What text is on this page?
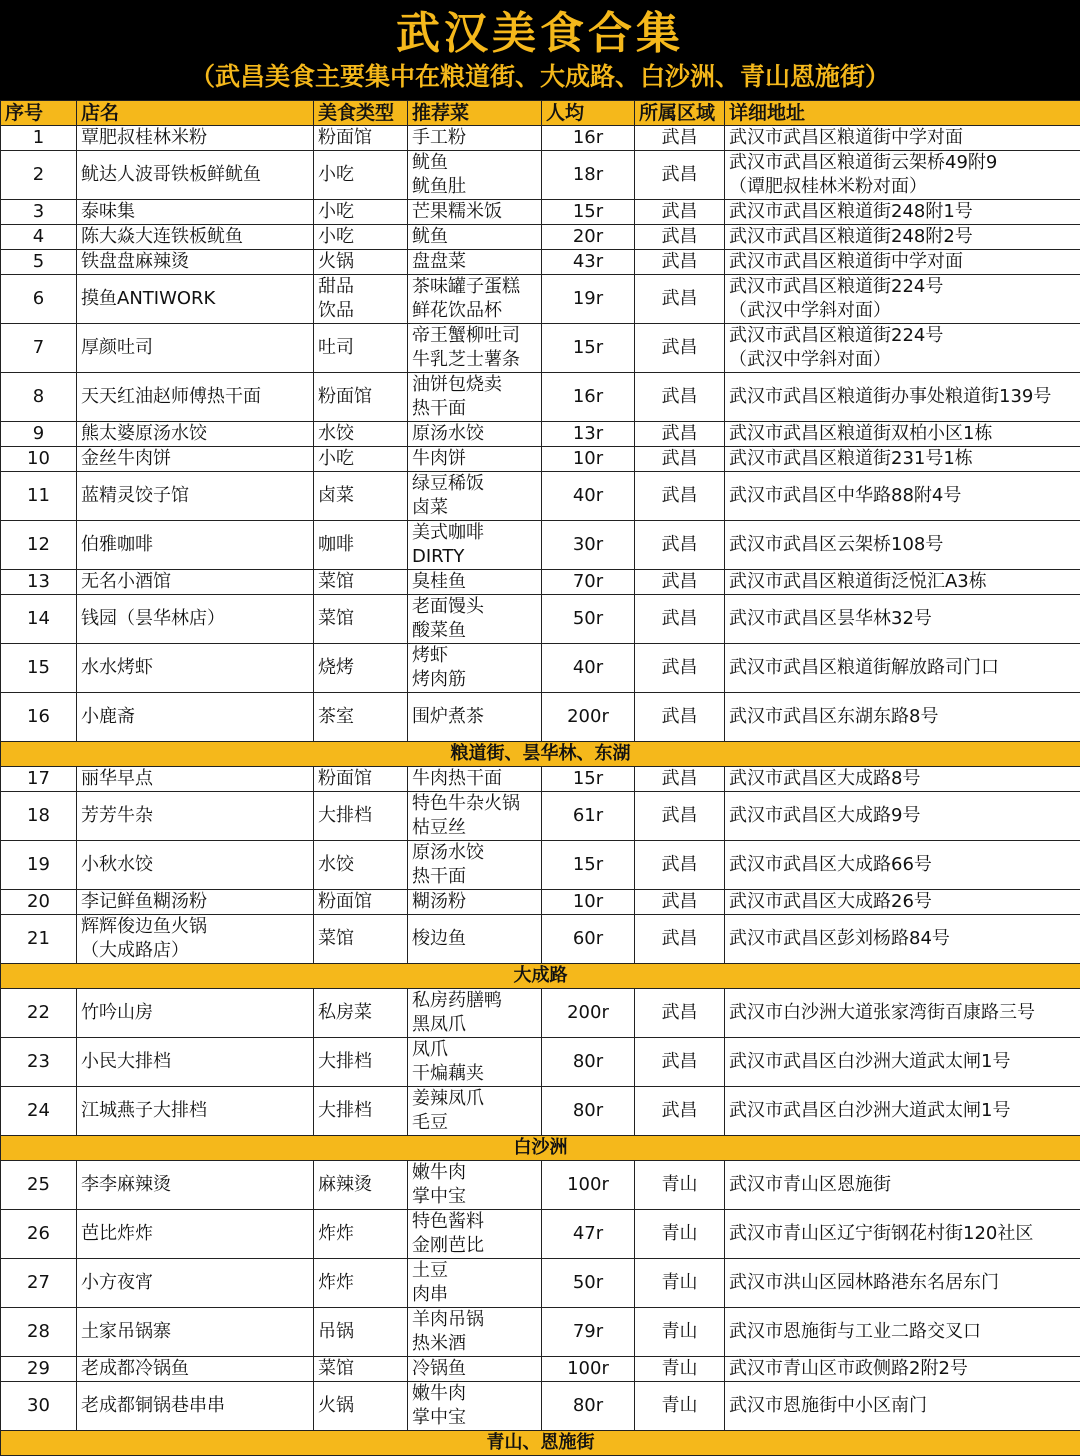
武汉美食合集
（武昌美食主要集中在粮道街、大成路、白沙洲、青山恩施街）
序号	店名	美食类型	推荐菜	人均	所属区域	详细地址

1	覃肥叔桂林米粉	粉面馆	手工粉	16r	武昌	武汉市武昌区粮道街中学对面

2	鱿达人波哥铁板鲜鱿鱼	小吃	鱿鱼
鱿鱼肚	18r	武昌	武汉市武昌区粮道街云架桥49附9
（谭肥叔桂林米粉对面）

3	泰味集	小吃	芒果糯米饭	15r	武昌	武汉市武昌区粮道街248附1号

4	陈大焱大连铁板鱿鱼	小吃	鱿鱼	20r	武昌	武汉市武昌区粮道街248附2号

5	铁盘盘麻辣烫	火锅	盘盘菜	43r	武昌	武汉市武昌区粮道街中学对面

6	摸鱼ANTIWORK	甜品
饮品	茶味罐子蛋糕
鲜花饮品杯	19r	武昌	武汉市武昌区粮道街224号
（武汉中学斜对面）

7	厚颜吐司	吐司	帝王蟹柳吐司
牛乳芝士薯条	15r	武昌	武汉市武昌区粮道街224号
（武汉中学斜对面）

8	天天红油赵师傅热干面	粉面馆	油饼包烧卖
热干面	16r	武昌	武汉市武昌区粮道街办事处粮道街139号

9	熊太婆原汤水饺	水饺	原汤水饺	13r	武昌	武汉市武昌区粮道街双柏小区1栋

10	金丝牛肉饼	小吃	牛肉饼	10r	武昌	武汉市武昌区粮道街231号1栋

11	蓝精灵饺子馆	卤菜	绿豆稀饭
卤菜	40r	武昌	武汉市武昌区中华路88附4号

12	伯雅咖啡	咖啡	美式咖啡
DIRTY	30r	武昌	武汉市武昌区云架桥108号

13	无名小酒馆	菜馆	臭桂鱼	70r	武昌	武汉市武昌区粮道街泛悦汇A3栋

14	钱园（昙华林店）	菜馆	老面馒头
酸菜鱼	50r	武昌	武汉市武昌区昙华林32号

15	水水烤虾	烧烤	烤虾
烤肉筋	40r	武昌	武汉市武昌区粮道街解放路司门口

16	小鹿斋	茶室	围炉煮茶	200r	武昌	武汉市武昌区东湖东路8号

粮道街、昙华林、东湖						

17	丽华早点	粉面馆	牛肉热干面	15r	武昌	武汉市武昌区大成路8号

18	芳芳牛杂	大排档	特色牛杂火锅
枯豆丝	61r	武昌	武汉市武昌区大成路9号

19	小秋水饺	水饺	原汤水饺
热干面	15r	武昌	武汉市武昌区大成路66号

20	李记鲜鱼糊汤粉	粉面馆	糊汤粉	10r	武昌	武汉市武昌区大成路26号

21	辉辉俊边鱼火锅
（大成路店）	菜馆	梭边鱼	60r	武昌	武汉市武昌区彭刘杨路84号

大成路						

22	竹吟山房	私房菜	私房药膳鸭
黑凤爪	200r	武昌	武汉市白沙洲大道张家湾街百康路三号

23	小民大排档	大排档	凤爪
干煸藕夹	80r	武昌	武汉市武昌区白沙洲大道武太闸1号

24	江城燕子大排档	大排档	姜辣凤爪
毛豆	80r	武昌	武汉市武昌区白沙洲大道武太闸1号

白沙洲						

25	李李麻辣烫	麻辣烫	嫩牛肉
掌中宝	100r	青山	武汉市青山区恩施街

26	芭比炸炸	炸炸	特色酱料
金刚芭比	47r	青山	武汉市青山区辽宁街钢花村街120社区

27	小方夜宵	炸炸	土豆
肉串	50r	青山	武汉市洪山区园林路港东名居东门

28	土家吊锅寨	吊锅	羊肉吊锅
热米酒	79r	青山	武汉市恩施街与工业二路交叉口

29	老成都冷锅鱼	菜馆	冷锅鱼	100r	青山	武汉市青山区市政侧路2附2号

30	老成都铜锅巷串串	火锅	嫩牛肉
掌中宝	80r	青山	武汉市恩施街中小区南门

青山、恩施街						
